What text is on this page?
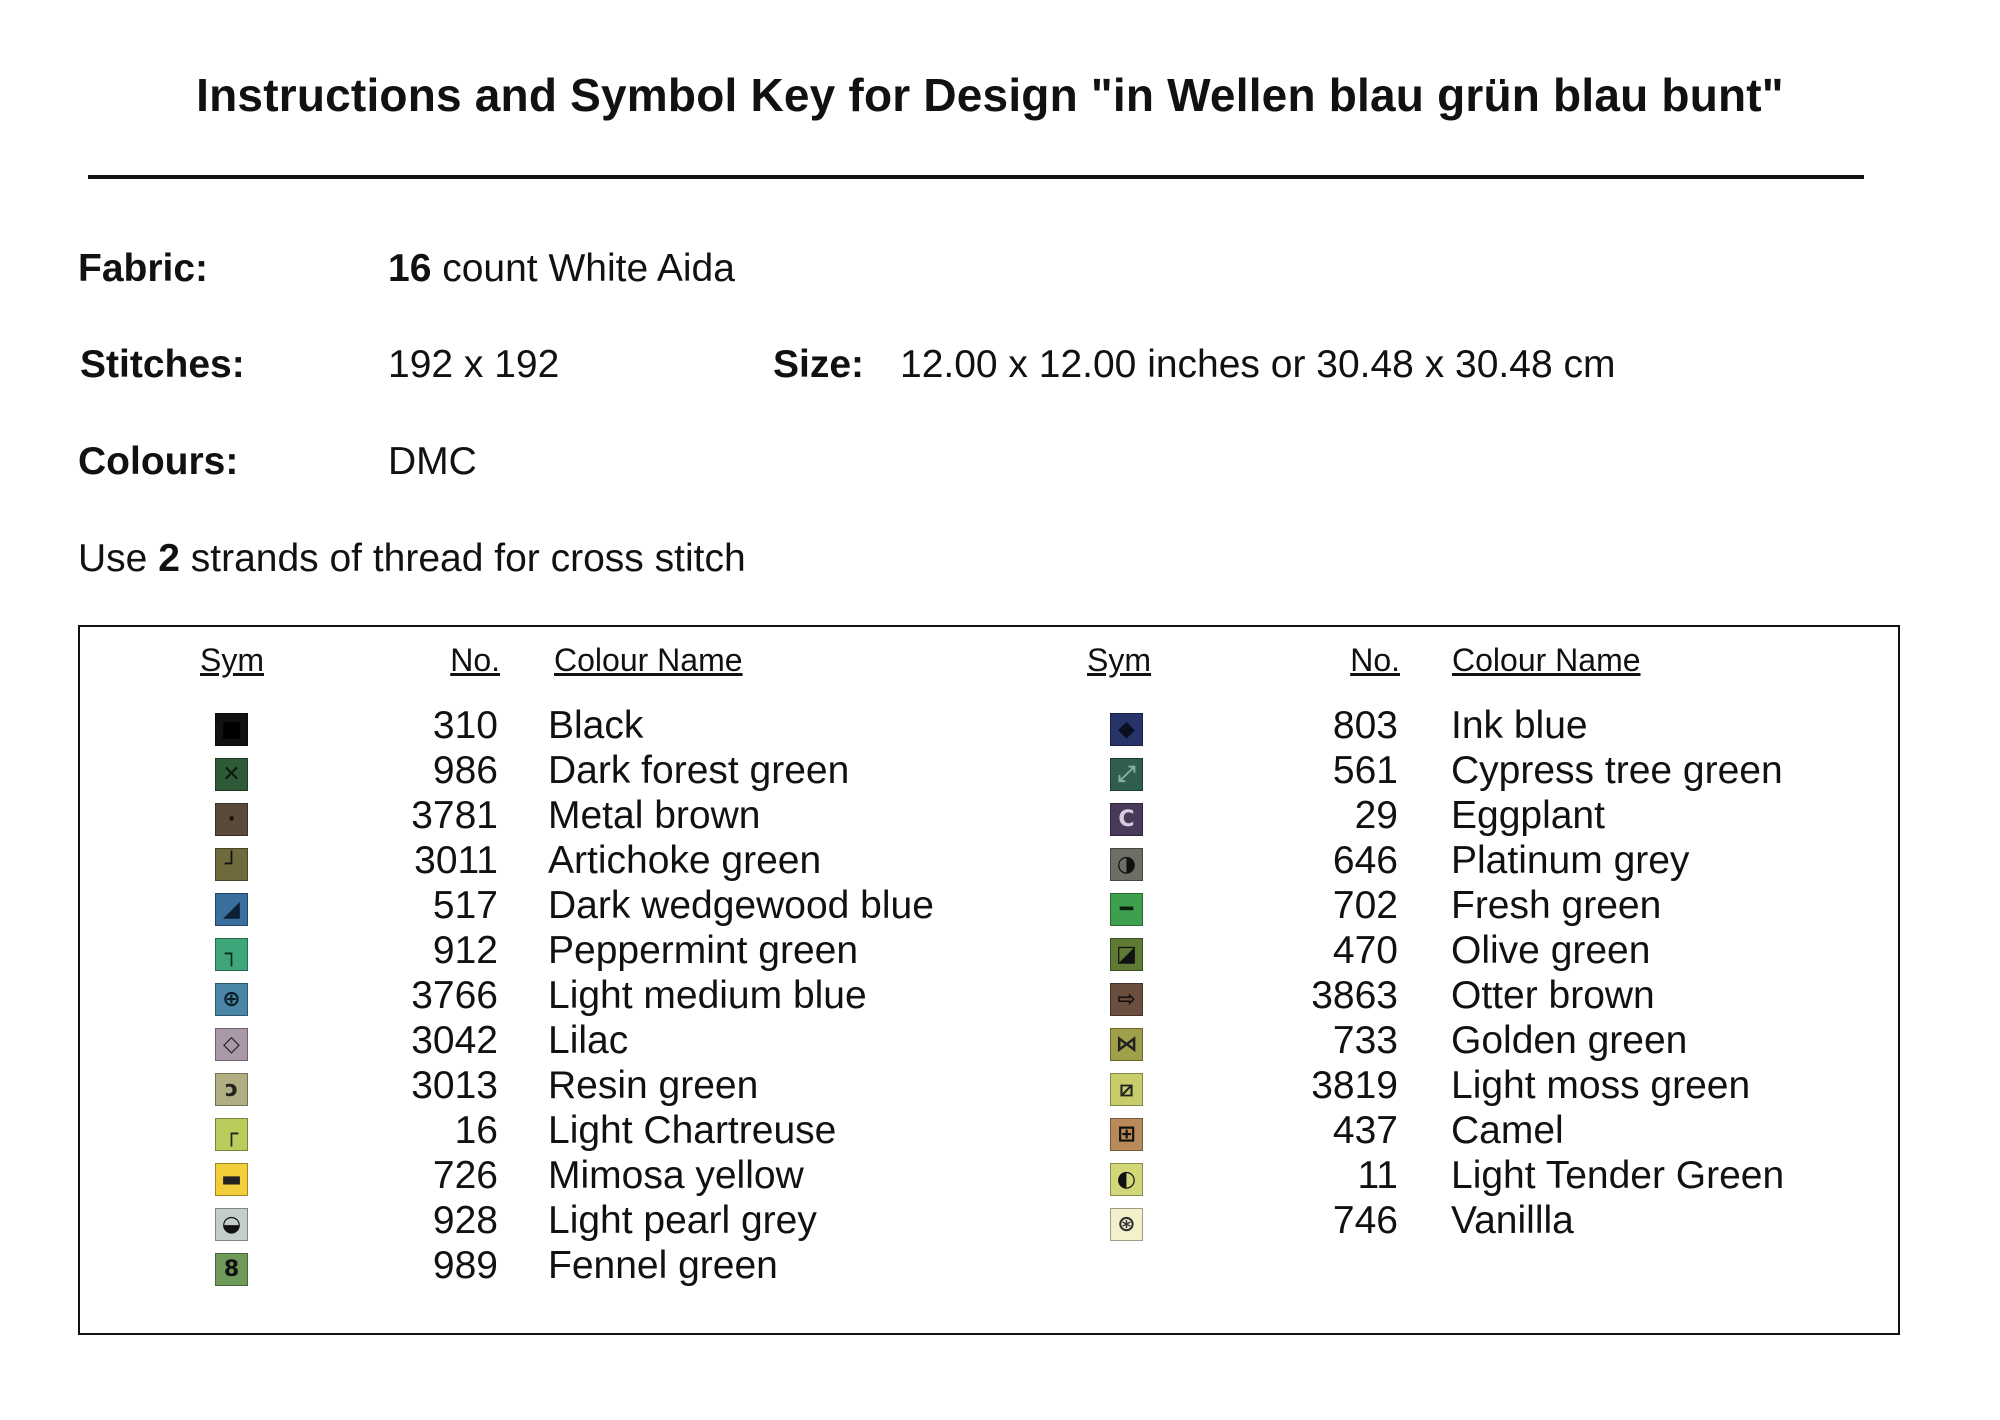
Instructions and Symbol Key for Design "in Wellen blau grün blau bunt"
Fabric:	16 count White Aida
Stitches:	192 x 192	Size: 12.00 x 12.00 inches or 30.48 x 30.48 cm
Colours:	DMC
Use 2 strands of thread for cross stitch
Sym	No. Colour Name	Sym	No. Colour Name
■	310 Black
✕	986 Dark forest green
·	3781 Metal brown
┘	3011 Artichoke green
◢	517 Dark wedgewood blue
┐	912 Peppermint green
⊕	3766 Light medium blue
◇	3042 Lilac
ↄ	3013 Resin green
┌	16 Light Chartreuse
▬	726 Mimosa yellow
◒	928 Light pearl grey
8	989 Fennel green
◆	803 Ink blue
⤢	561 Cypress tree green
C	29 Eggplant
◑	646 Platinum grey
━	702 Fresh green
◪	470 Olive green
⇨	3863 Otter brown
⋈	733 Golden green
⧄	3819 Light moss green
⊞	437 Camel
◐	11 Light Tender Green
⊛	746 Vanillla
